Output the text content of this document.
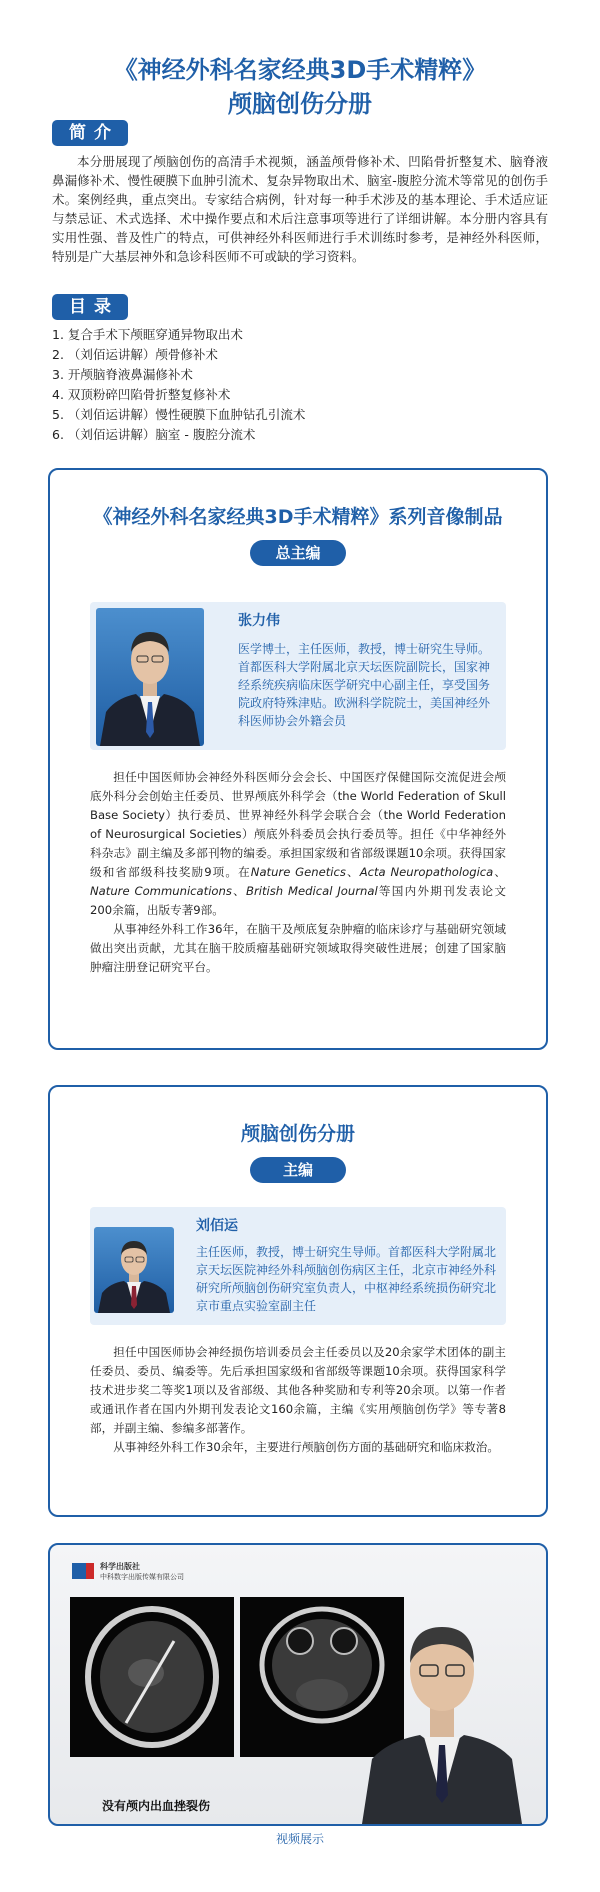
《神经外科名家经典3D手术精粹》
颅脑创伤分册
简介
本分册展现了颅脑创伤的高清手术视频，涵盖颅骨修补术、凹陷骨折整复术、脑脊液鼻漏修补术、慢性硬膜下血肿引流术、复杂异物取出术、脑室-腹腔分流术等常见的创伤手术。案例经典，重点突出。专家结合病例，针对每一种手术涉及的基本理论、手术适应证与禁忌证、术式选择、术中操作要点和术后注意事项等进行了详细讲解。本分册内容具有实用性强、普及性广的特点，可供神经外科医师进行手术训练时参考，是神经外科医师，特别是广大基层神外和急诊科医师不可或缺的学习资料。
目录
1. 复合手术下颅眶穿通异物取出术
2. （刘佰运讲解）颅骨修补术
3. 开颅脑脊液鼻漏修补术
4. 双顶粉碎凹陷骨折整复修补术
5. （刘佰运讲解）慢性硬膜下血肿钻孔引流术
6. （刘佰运讲解）脑室 - 腹腔分流术
《神经外科名家经典3D手术精粹》系列音像制品
总主编
张力伟
医学博士，主任医师，教授，博士研究生导师。首都医科大学附属北京天坛医院副院长，国家神经系统疾病临床医学研究中心副主任，享受国务院政府特殊津贴。欧洲科学院院士，美国神经外科医师协会外籍会员

担任中国医师协会神经外科医师分会会长、中国医疗保健国际交流促进会颅底外科分会创始主任委员、世界颅底外科学会（the World Federation of Skull Base Society）执行委员、世界神经外科学会联合会（the World Federation of Neurosurgical Societies）颅底外科委员会执行委员等。担任《中华神经外科杂志》副主编及多部刊物的编委。承担国家级和省部级课题10余项。获得国家级和省部级科技奖励9项。在Nature Genetics、Acta Neuropathologica、Nature Communications、British Medical Journal等国内外期刊发表论文200余篇，出版专著9部。

从事神经外科工作36年，在脑干及颅底复杂肿瘤的临床诊疗与基础研究领域做出突出贡献，尤其在脑干胶质瘤基础研究领域取得突破性进展；创建了国家脑肿瘤注册登记研究平台。

颅脑创伤分册
主编
刘佰运
主任医师，教授，博士研究生导师。首都医科大学附属北京天坛医院神经外科颅脑创伤病区主任，北京市神经外科研究所颅脑创伤研究室负责人，中枢神经系统损伤研究北京市重点实验室副主任

担任中国医师协会神经损伤培训委员会主任委员以及20余家学术团体的副主任委员、委员、编委等。先后承担国家级和省部级等课题10余项。获得国家科学技术进步奖二等奖1项以及省部级、其他各种奖励和专利等20余项。以第一作者或通讯作者在国内外期刊发表论文160余篇，主编《实用颅脑创伤学》等专著8部，并副主编、参编多部著作。

从事神经外科工作30余年，主要进行颅脑创伤方面的基础研究和临床救治。

科学出版社
中科数字出版传媒有限公司
没有颅内出血挫裂伤
视频展示
